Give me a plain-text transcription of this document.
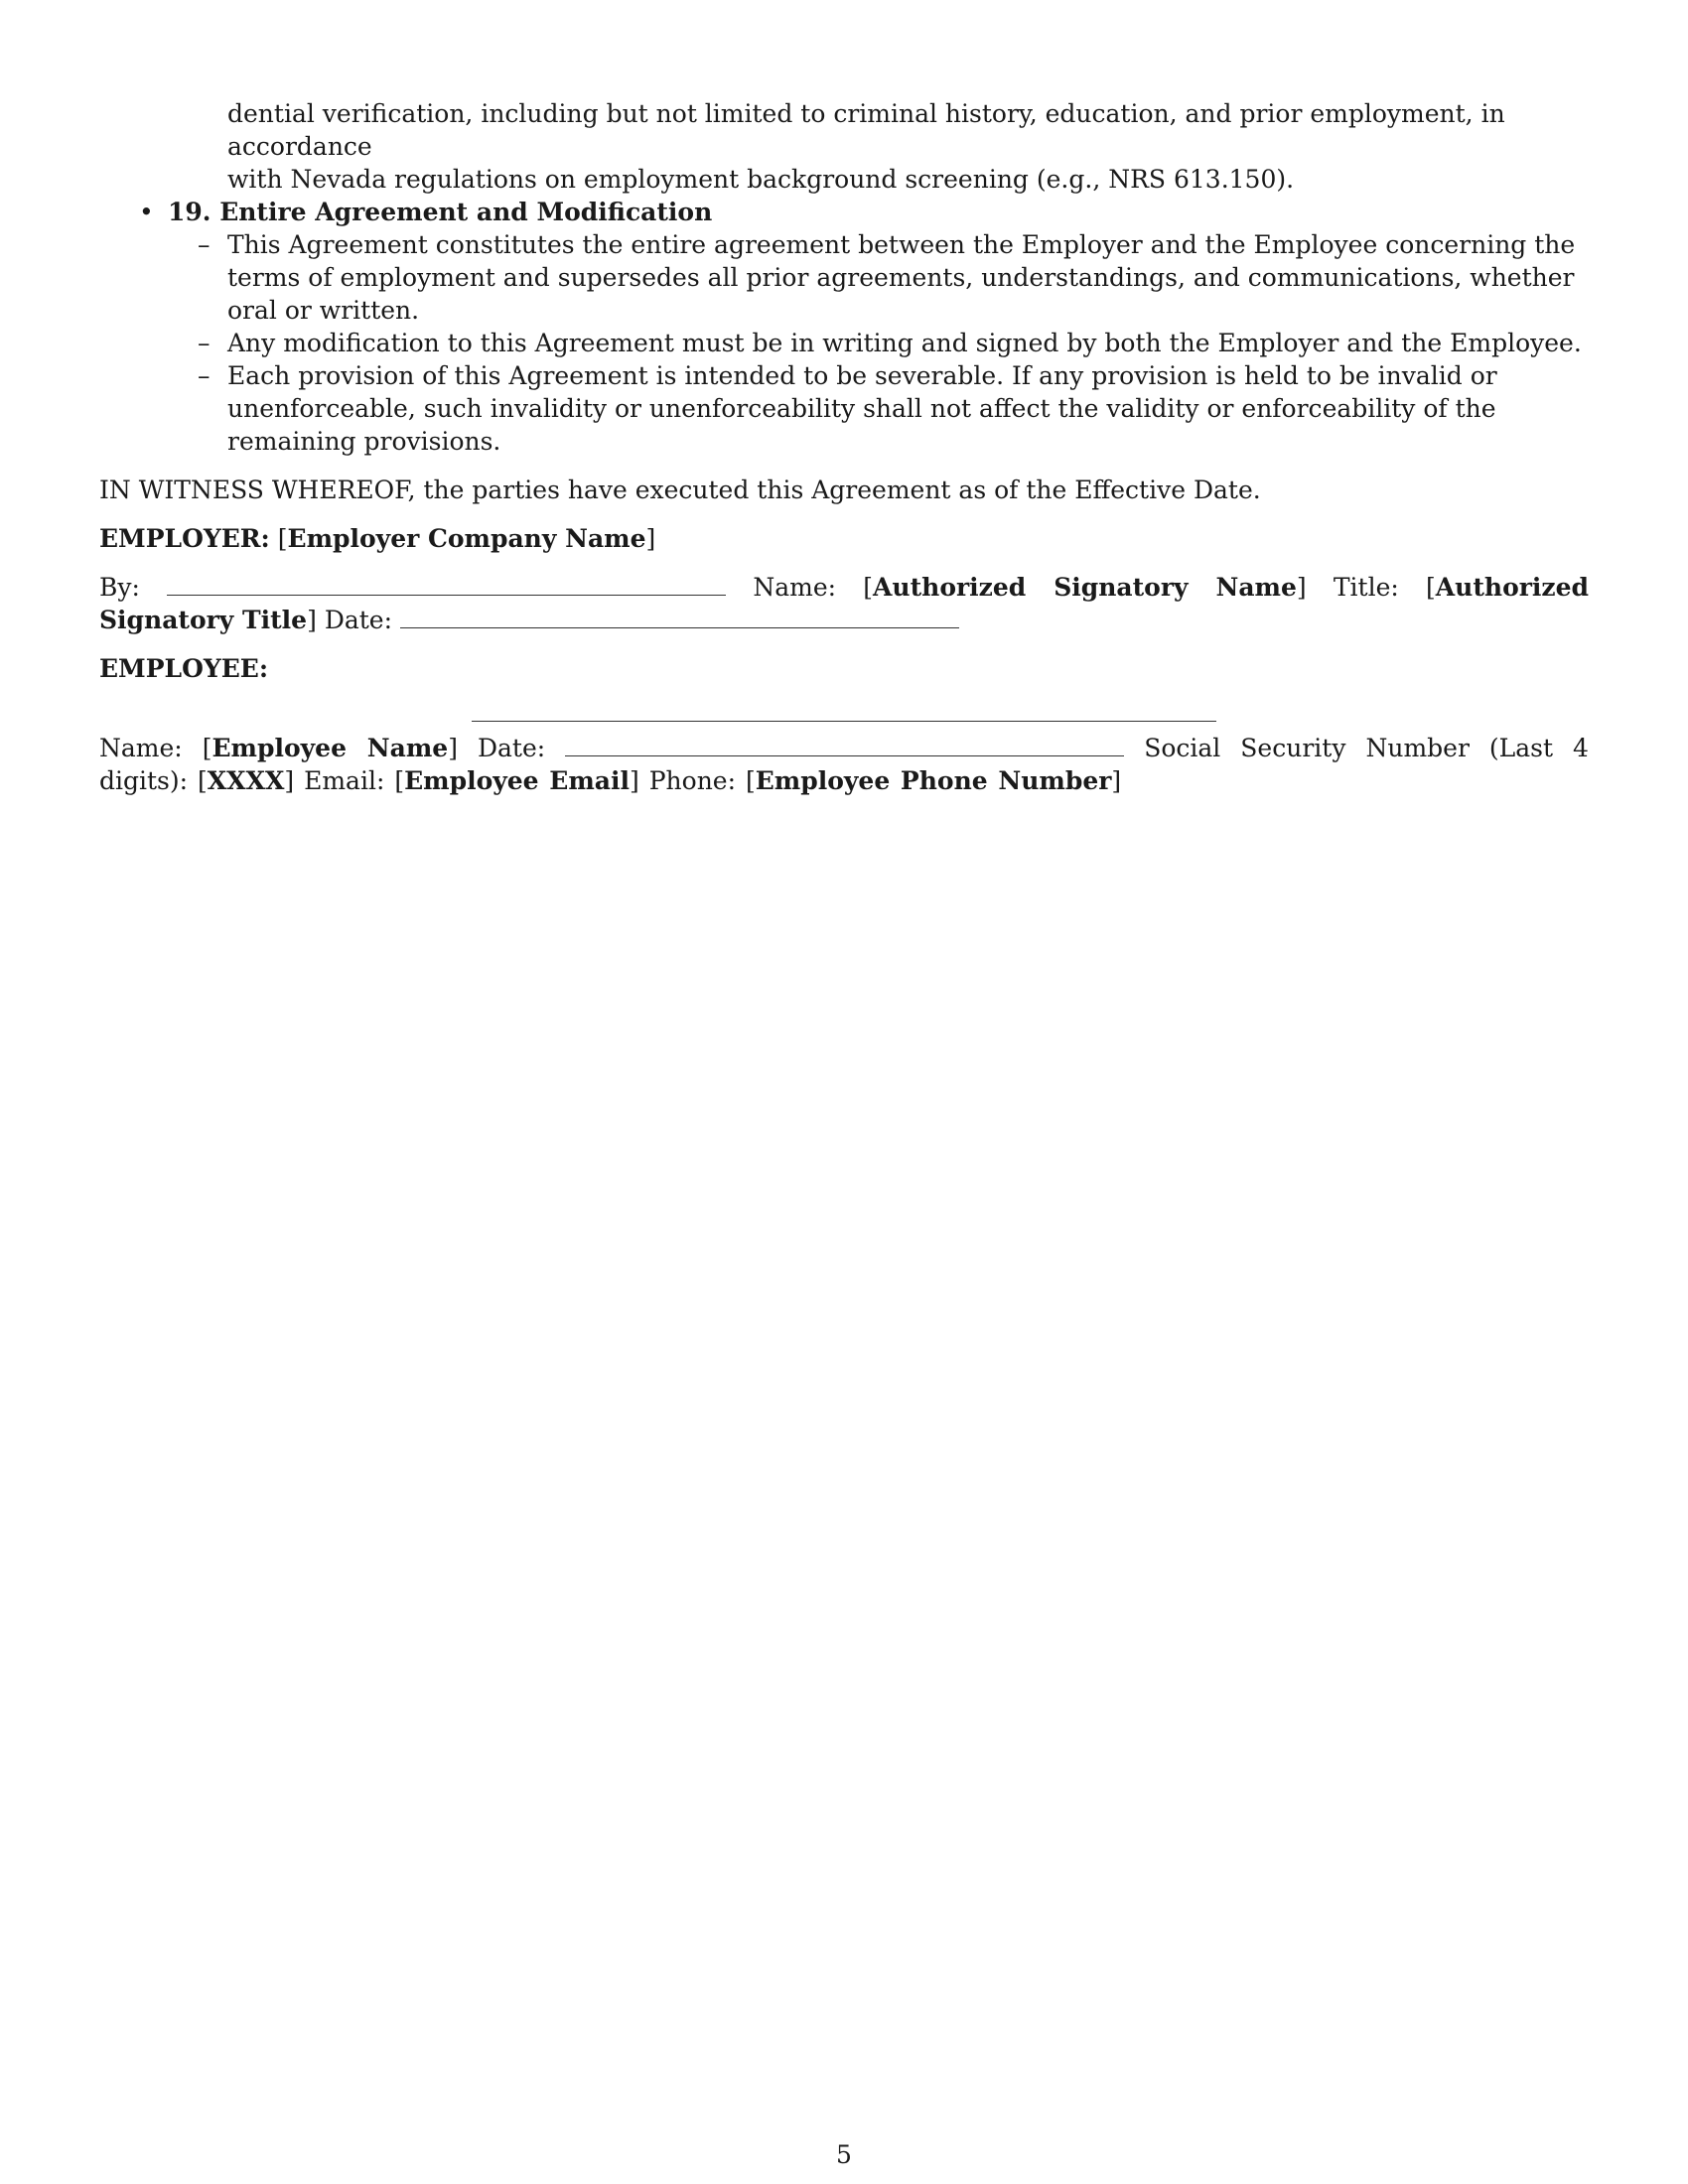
dential verification, including but not limited to criminal history, education, and prior employment, in accordance
with Nevada regulations on employment background screening (e.g., NRS 613.150).

• 19. Entire Agreement and Modification
– This Agreement constitutes the entire agreement between the Employer and the Employee concerning the terms of employment and supersedes all prior agreements, understandings, and communications, whether oral or written.
– Any modification to this Agreement must be in writing and signed by both the Employer and the Employee.
– Each provision of this Agreement is intended to be severable. If any provision is held to be invalid or unenforceable, such invalidity or unenforceability shall not affect the validity or enforceability of the remaining provisions.

IN WITNESS WHEREOF, the parties have executed this Agreement as of the Effective Date.

EMPLOYER: [Employer Company Name]

By:	Name: [Authorized Signatory Name] Title: [Authorized Signatory Title] Date:

EMPLOYEE:

Name: [Employee Name] Date:	Social Security Number (Last 4 digits): [XXXX] Email: [Employee Email] Phone: [Employee Phone Number]

5
